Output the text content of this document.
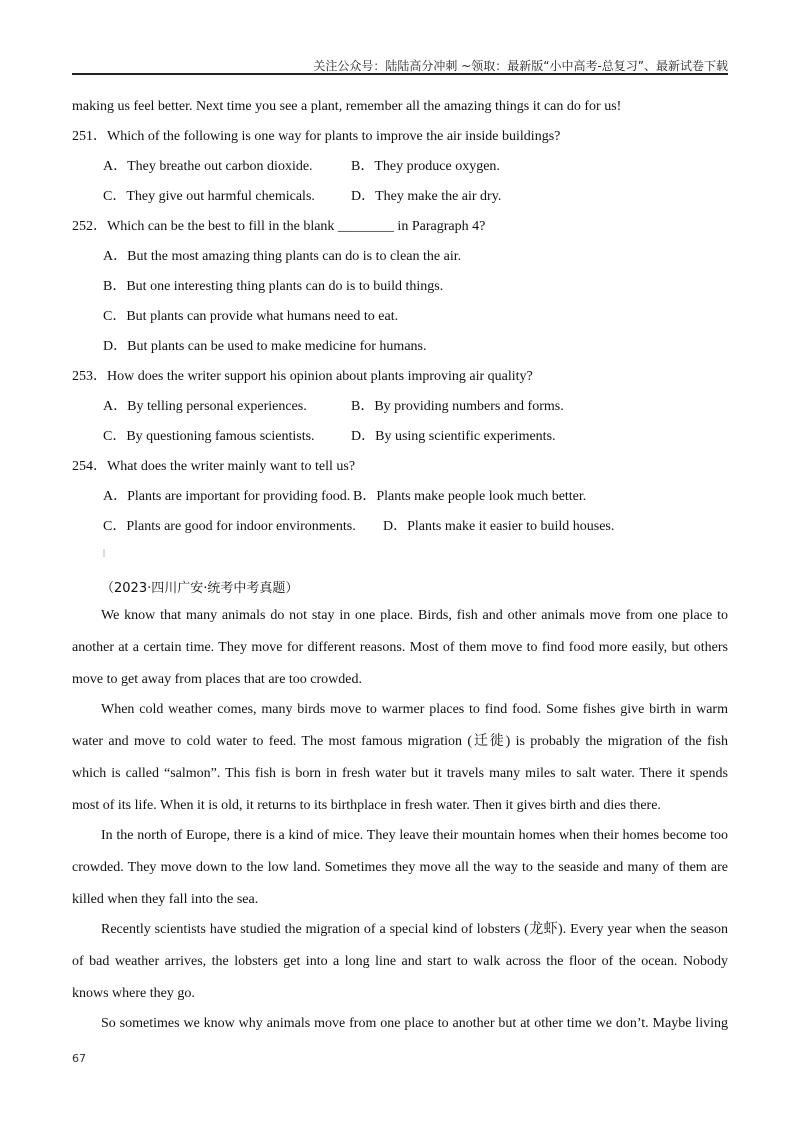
关注公众号：陆陆高分冲刺 ~领取：最新版“小中高考-总复习”、最新试卷下载
making us feel better. Next time you see a plant, remember all the amazing things it can do for us!
251．Which of the following is one way for plants to improve the air inside buildings?
A．They breathe out carbon dioxide.	B．They produce oxygen.
C．They give out harmful chemicals.	D．They make the air dry.
252．Which can be the best to fill in the blank ________ in Paragraph 4?
A．But the most amazing thing plants can do is to clean the air.
B．But one interesting thing plants can do is to build things.
C．But plants can provide what humans need to eat.
D．But plants can be used to make medicine for humans.
253．How does the writer support his opinion about plants improving air quality?
A．By telling personal experiences.	B．By providing numbers and forms.
C．By questioning famous scientists.	D．By using scientific experiments.
254．What does the writer mainly want to tell us?
A．Plants are important for providing food. B．Plants make people look much better.
C．Plants are good for indoor environments. D．Plants make it easier to build houses.
（2023·四川广安·统考中考真题）
We know that many animals do not stay in one place. Birds, fish and other animals move from one place to
another at a certain time. They move for different reasons. Most of them move to find food more easily, but others
move to get away from places that are too crowded.
When cold weather comes, many birds move to warmer places to find food. Some fishes give birth in warm
water and move to cold water to feed. The most famous migration (迁徙) is probably the migration of the fish
which is called “salmon”. This fish is born in fresh water but it travels many miles to salt water. There it spends
most of its life. When it is old, it returns to its birthplace in fresh water. Then it gives birth and dies there.
In the north of Europe, there is a kind of mice. They leave their mountain homes when their homes become too
crowded. They move down to the low land. Sometimes they move all the way to the seaside and many of them are
killed when they fall into the sea.
Recently scientists have studied the migration of a special kind of lobsters (龙虾). Every year when the season
of bad weather arrives, the lobsters get into a long line and start to walk across the floor of the ocean. Nobody
knows where they go.
So sometimes we know why animals move from one place to another but at other time we don’t. Maybe living
67
